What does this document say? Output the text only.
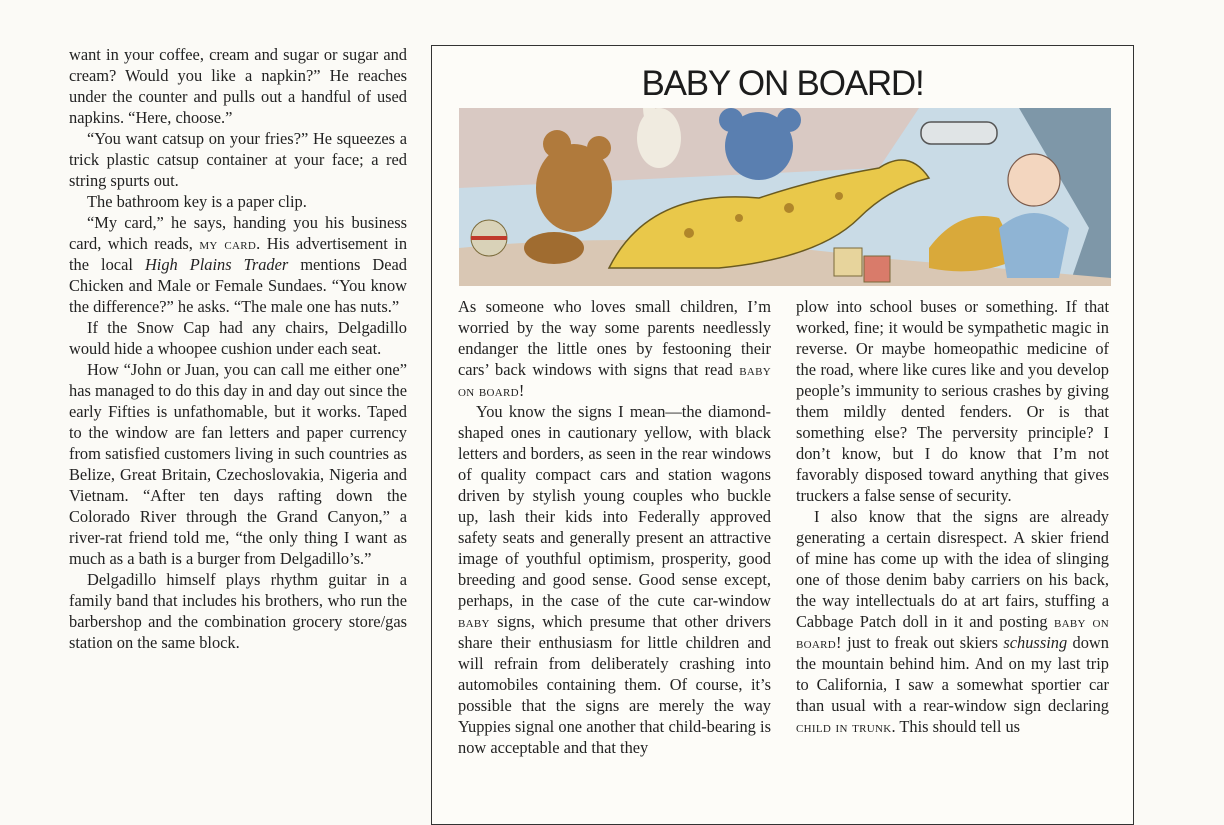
want in your coffee, cream and sugar or sugar and cream? Would you like a napkin?” He reaches under the counter and pulls out a handful of used napkins. “Here, choose.”

“You want catsup on your fries?” He squeezes a trick plastic catsup container at your face; a red string spurts out.

The bathroom key is a paper clip.

“My card,” he says, handing you his business card, which reads, my card. His advertisement in the local High Plains Trader mentions Dead Chicken and Male or Female Sundaes. “You know the difference?” he asks. “The male one has nuts.”

If the Snow Cap had any chairs, Delgadillo would hide a whoopee cushion under each seat.

How “John or Juan, you can call me either one” has managed to do this day in and day out since the early Fifties is unfathomable, but it works. Taped to the window are fan letters and paper currency from satisfied customers living in such countries as Belize, Great Britain, Czechoslovakia, Nigeria and Vietnam. “After ten days rafting down the Colorado River through the Grand Canyon,” a river-rat friend told me, “the only thing I want as much as a bath is a burger from Delgadillo’s.”

Delgadillo himself plays rhythm guitar in a family band that includes his brothers, who run the barbershop and the combination grocery store/gas station on the same block.

BABY ON BOARD!

As someone who loves small children, I’m worried by the way some parents needlessly endanger the little ones by festooning their cars’ back windows with signs that read baby on board!

You know the signs I mean—the diamond-shaped ones in cautionary yellow, with black letters and borders, as seen in the rear windows of quality compact cars and station wagons driven by stylish young couples who buckle up, lash their kids into Federally approved safety seats and generally present an attractive image of youthful optimism, prosperity, good breeding and good sense. Good sense except, perhaps, in the case of the cute car-window baby signs, which presume that other drivers share their enthusiasm for little children and will refrain from deliberately crashing into automobiles containing them. Of course, it’s possible that the signs are merely the way Yuppies signal one another that child-bearing is now acceptable and that they

plow into school buses or something. If that worked, fine; it would be sympathetic magic in reverse. Or maybe homeopathic medicine of the road, where like cures like and you develop people’s immunity to serious crashes by giving them mildly dented fenders. Or is that something else? The perversity principle? I don’t know, but I do know that I’m not favorably disposed toward anything that gives truckers a false sense of security.

I also know that the signs are already generating a certain disrespect. A skier friend of mine has come up with the idea of slinging one of those denim baby carriers on his back, the way intellectuals do at art fairs, stuffing a Cabbage Patch doll in it and posting baby on board! just to freak out skiers schussing down the mountain behind him. And on my last trip to California, I saw a somewhat sportier car than usual with a rear-window sign declaring child in trunk. This should tell us
